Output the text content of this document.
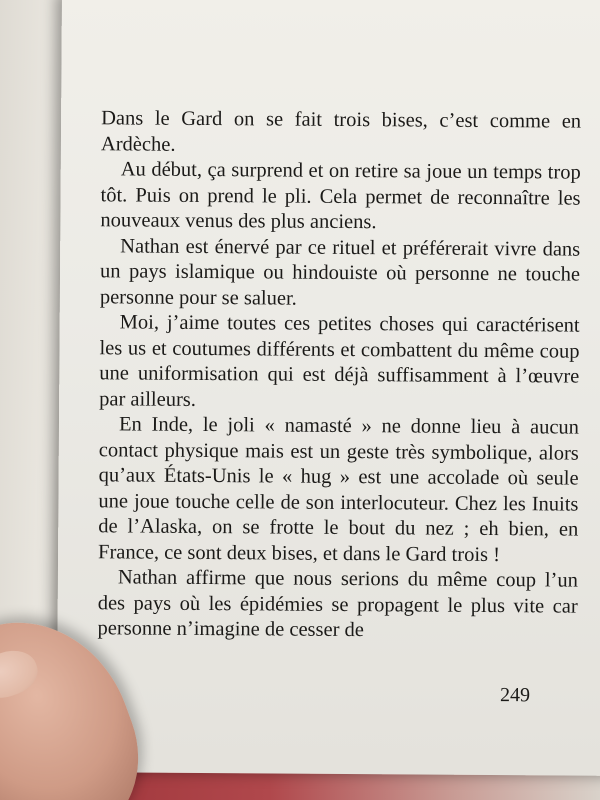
Dans le Gard on se fait trois bises, c’est comme en Ardèche.

Au début, ça surprend et on retire sa joue un temps trop tôt. Puis on prend le pli. Cela permet de reconnaître les nouveaux venus des plus anciens.

Nathan est énervé par ce rituel et préférerait vivre dans un pays islamique ou hindouiste où personne ne touche personne pour se saluer.

Moi, j’aime toutes ces petites choses qui caractérisent les us et coutumes différents et combattent du même coup une uniformisation qui est déjà suffisamment à l’œuvre par ailleurs.

En Inde, le joli « namasté » ne donne lieu à aucun contact physique mais est un geste très symbolique, alors qu’aux États-Unis le « hug » est une accolade où seule une joue touche celle de son interlocuteur. Chez les Inuits de l’Alaska, on se frotte le bout du nez ; eh bien, en France, ce sont deux bises, et dans le Gard trois !

Nathan affirme que nous serions du même coup l’un des pays où les épidémies se propagent le plus vite car personne n’imagine de cesser de

249
